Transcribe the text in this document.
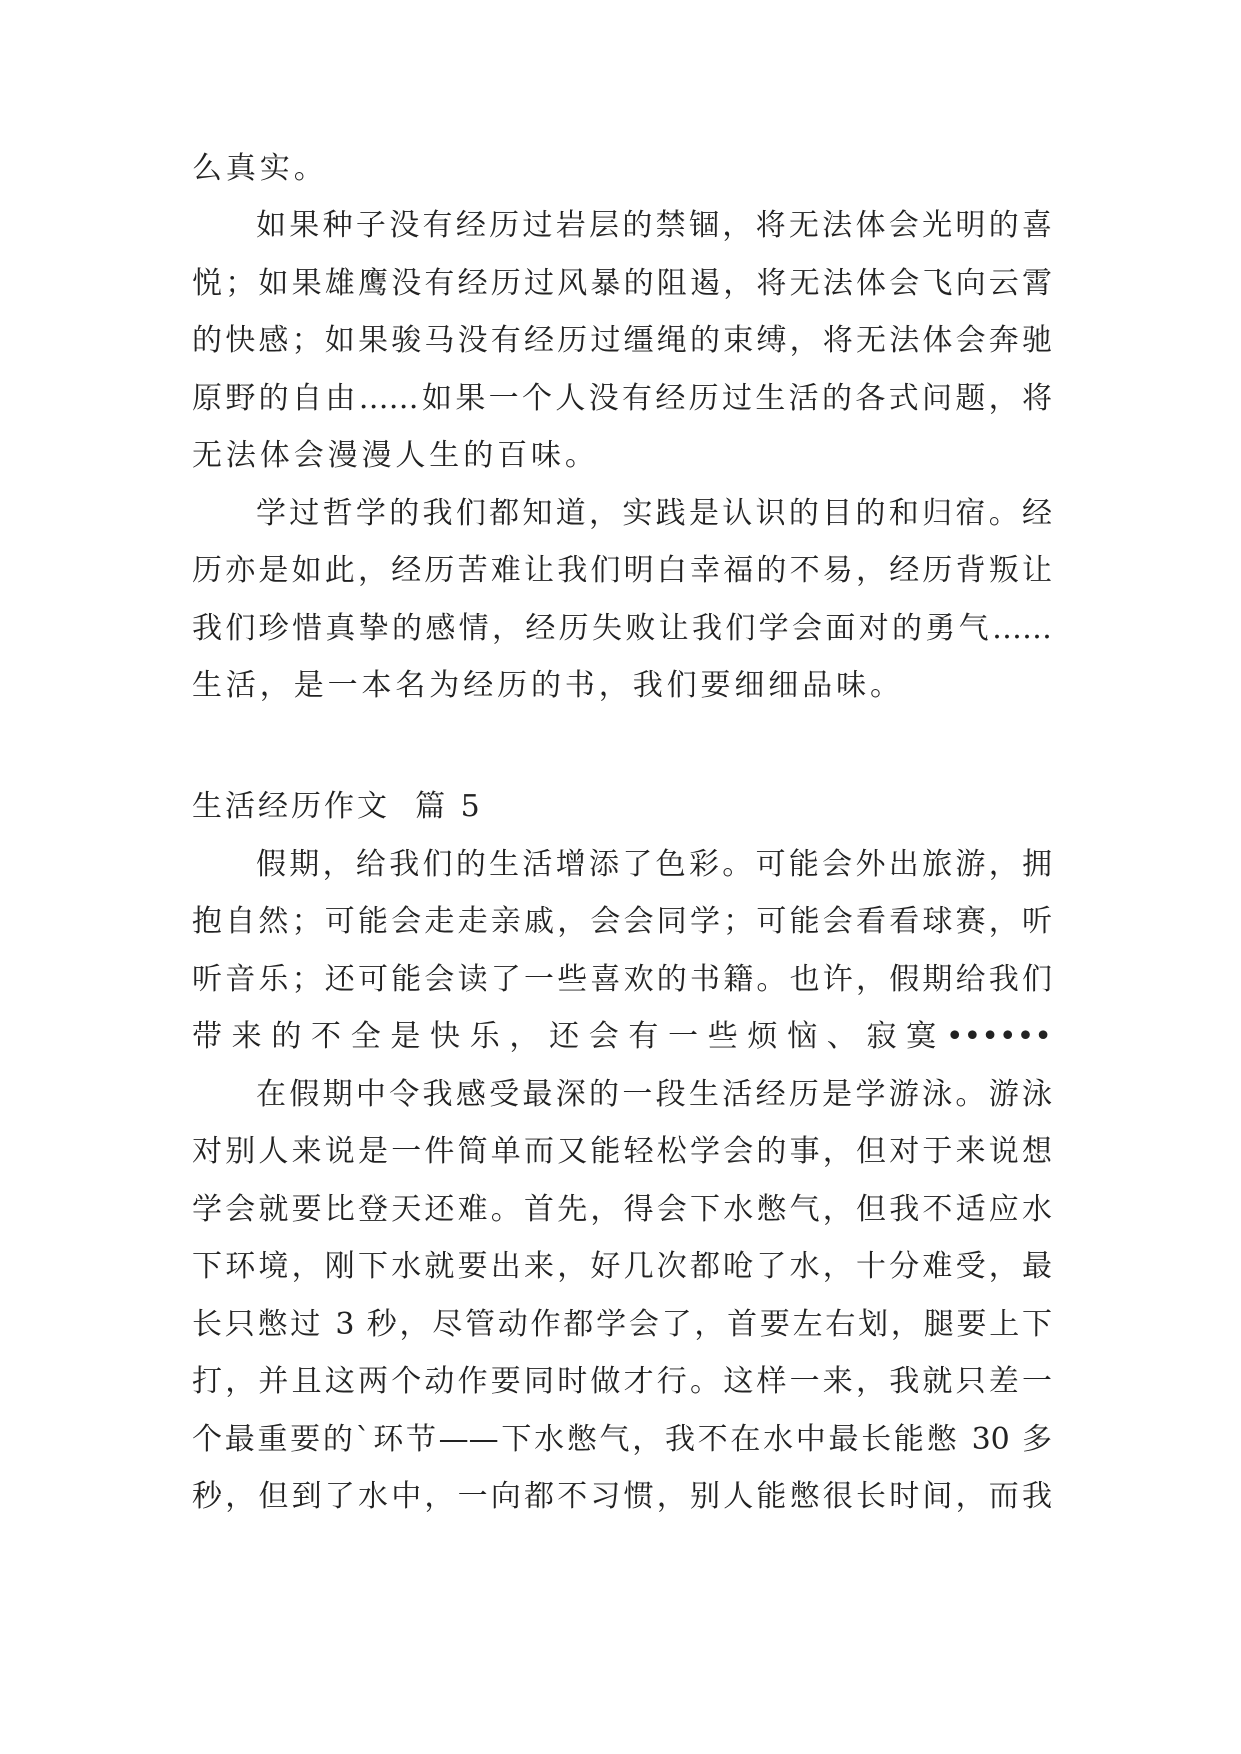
么真实。
如果种子没有经历过岩层的禁锢，将无法体会光明的喜
悦；如果雄鹰没有经历过风暴的阻遏，将无法体会飞向云霄
的快感；如果骏马没有经历过缰绳的束缚，将无法体会奔驰
原野的自由……如果一个人没有经历过生活的各式问题，将
无法体会漫漫人生的百味。
学过哲学的我们都知道，实践是认识的目的和归宿。经
历亦是如此，经历苦难让我们明白幸福的不易，经历背叛让
我们珍惜真挚的感情，经历失败让我们学会面对的勇气……
生活，是一本名为经历的书，我们要细细品味。
生活经历作文  篇 5
假期，给我们的生活增添了色彩。可能会外出旅游，拥
抱自然；可能会走走亲戚，会会同学；可能会看看球赛，听
听音乐；还可能会读了一些喜欢的书籍。也许，假期给我们
带来的不全是快乐，还会有一些烦恼、寂寞••••••
在假期中令我感受最深的一段生活经历是学游泳。游泳
对别人来说是一件简单而又能轻松学会的事，但对于来说想
学会就要比登天还难。首先，得会下水憋气，但我不适应水
下环境，刚下水就要出来，好几次都呛了水，十分难受，最
长只憋过 3 秒，尽管动作都学会了，首要左右划，腿要上下
打，并且这两个动作要同时做才行。这样一来，我就只差一
个最重要的`环节——下水憋气，我不在水中最长能憋 30 多
秒，但到了水中，一向都不习惯，别人能憋很长时间，而我
